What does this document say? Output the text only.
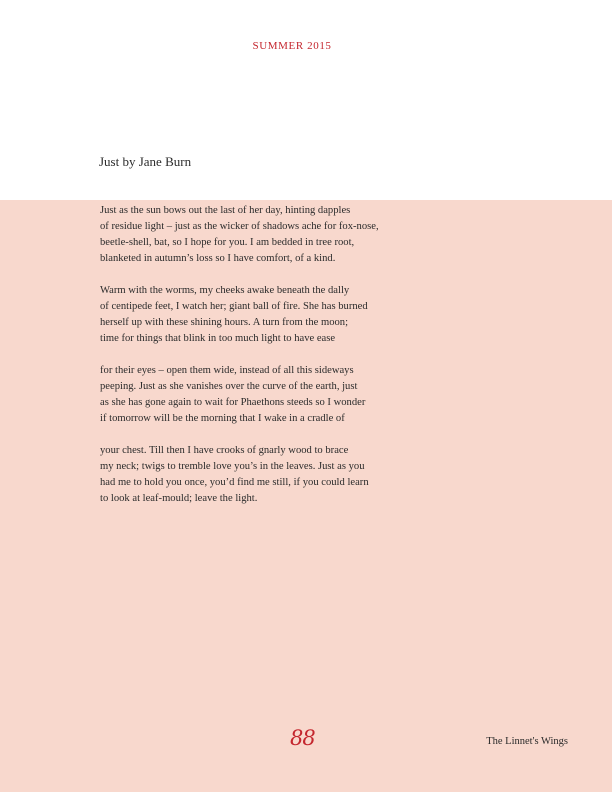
SUMMER 2015
Just by Jane Burn
Just as the sun bows out the last of her day, hinting dapples
of residue light – just as the wicker of shadows ache for fox-nose,
beetle-shell, bat, so I hope for you. I am bedded in tree root,
blanketed in autumn’s loss so I have comfort, of a kind.
Warm with the worms, my cheeks awake beneath the dally
of centipede feet, I watch her; giant ball of fire. She has burned
herself up with these shining hours. A turn from the moon;
time for things that blink in too much light to have ease
for their eyes – open them wide, instead of all this sideways
peeping. Just as she vanishes over the curve of the earth, just
as she has gone again to wait for Phaethons steeds so I wonder
if tomorrow will be the morning that I wake in a cradle of
your chest. Till then I have crooks of gnarly wood to brace
my neck; twigs to tremble love you’s in the leaves. Just as you
had me to hold you once, you’d find me still, if you could learn
to look at leaf-mould; leave the light.
88	The Linnet's Wings
